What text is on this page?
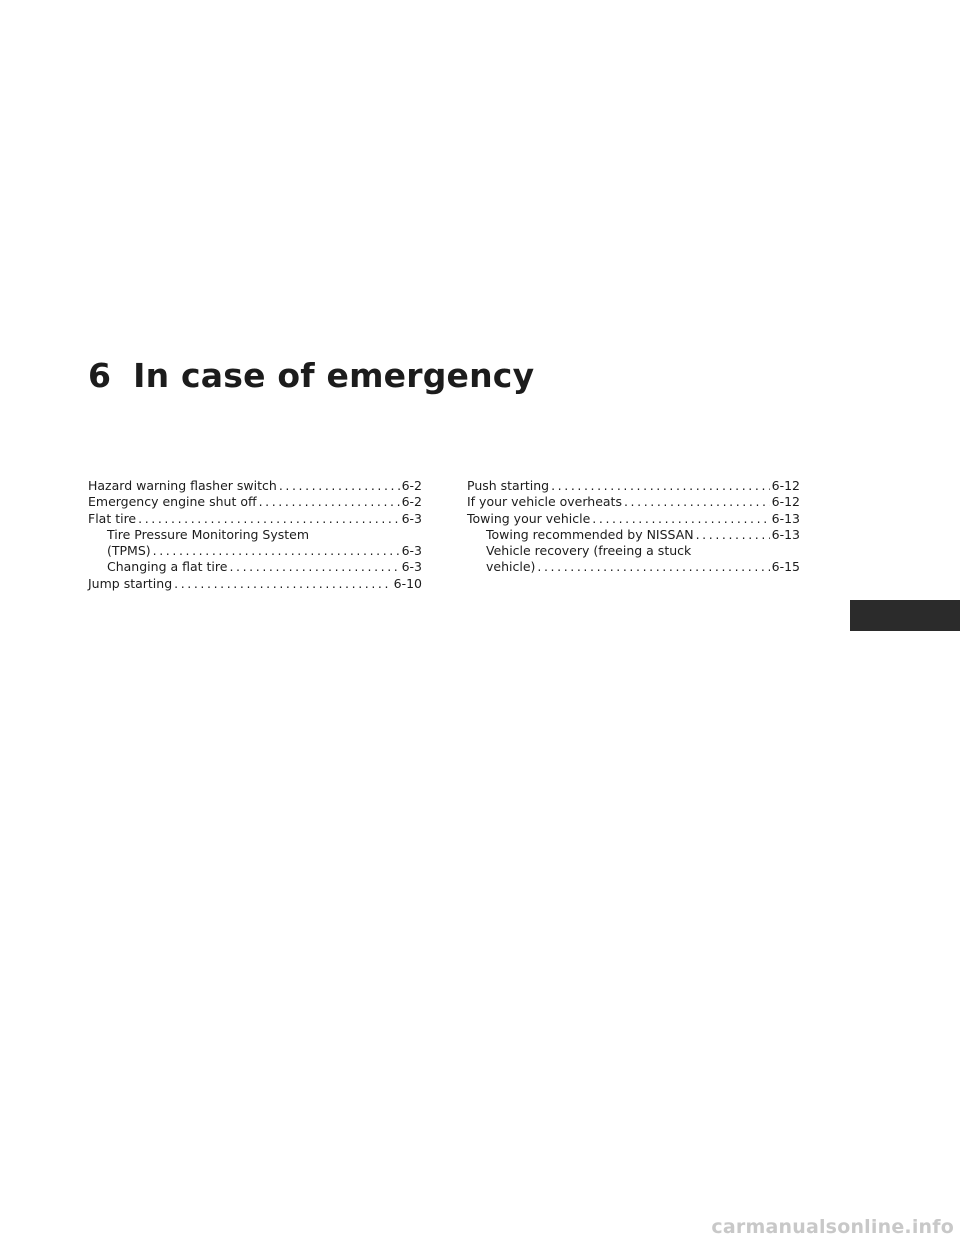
6 In case of emergency
Hazard warning flasher switch .....	6-2
Emergency engine shut off .....	6-2
Flat tire .....	6-3
Tire Pressure Monitoring System
(TPMS) .....	6-3
Changing a flat tire .....	6-3
Jump starting .....	6-10
Push starting .....	6-12
If your vehicle overheats .....	6-12
Towing your vehicle .....	6-13
Towing recommended by NISSAN .....	6-13
Vehicle recovery (freeing a stuck
vehicle) .....	6-15
carmanualsonline.info
